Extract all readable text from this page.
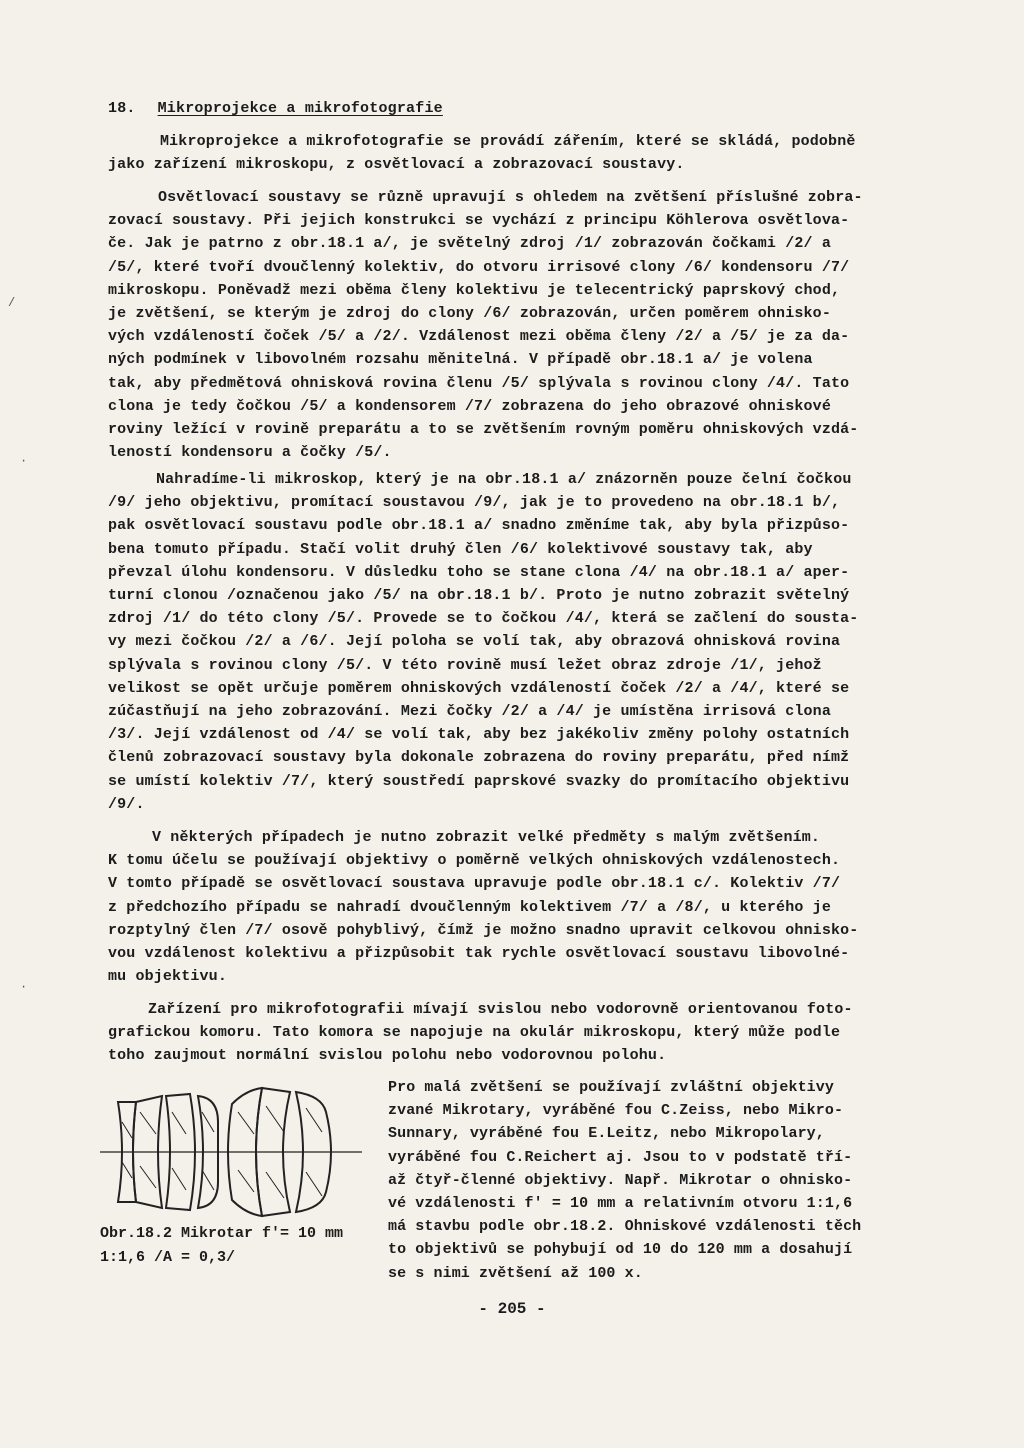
18. Mikroprojekce a mikrofotografie

Mikroprojekce a mikrofotografie se provádí zářením, které se skládá, podobně
jako zařízení mikroskopu, z osvětlovací a zobrazovací soustavy.

Osvětlovací soustavy se různě upravují s ohledem na zvětšení příslušné zobra-
zovací soustavy. Při jejich konstrukci se vychází z principu Köhlerova osvětlova-
če. Jak je patrno z obr.18.1 a/, je světelný zdroj /1/ zobrazován čočkami /2/ a
/5/, které tvoří dvoučlenný kolektiv, do otvoru irrisové clony /6/ kondensoru /7/
mikroskopu. Poněvadž mezi oběma členy kolektivu je telecentrický paprskový chod,
je zvětšení, se kterým je zdroj do clony /6/ zobrazován, určen poměrem ohnisko-
vých vzdáleností čoček /5/ a /2/. Vzdálenost mezi oběma členy /2/ a /5/ je za da-
ných podmínek v libovolném rozsahu měnitelná. V případě obr.18.1 a/ je volena
tak, aby předmětová ohnisková rovina členu /5/ splývala s rovinou clony /4/. Tato
clona je tedy čočkou /5/ a kondensorem /7/ zobrazena do jeho obrazové ohniskové
roviny ležící v rovině preparátu a to se zvětšením rovným poměru ohniskových vzdá-
leností kondensoru a čočky /5/.

Nahradíme-li mikroskop, který je na obr.18.1 a/ znázorněn pouze čelní čočkou
/9/ jeho objektivu, promítací soustavou /9/, jak je to provedeno na obr.18.1 b/,
pak osvětlovací soustavu podle obr.18.1 a/ snadno změníme tak, aby byla přizpůso-
bena tomuto případu. Stačí volit druhý člen /6/ kolektivové soustavy tak, aby
převzal úlohu kondensoru. V důsledku toho se stane clona /4/ na obr.18.1 a/ aper-
turní clonou /označenou jako /5/ na obr.18.1 b/. Proto je nutno zobrazit světelný
zdroj /1/ do této clony /5/. Provede se to čočkou /4/, která se začlení do sousta-
vy mezi čočkou /2/ a /6/. Její poloha se volí tak, aby obrazová ohnisková rovina
splývala s rovinou clony /5/. V této rovině musí ležet obraz zdroje /1/, jehož
velikost se opět určuje poměrem ohniskových vzdáleností čoček /2/ a /4/, které se
zúčastňují na jeho zobrazování. Mezi čočky /2/ a /4/ je umístěna irrisová clona
/3/. Její vzdálenost od /4/ se volí tak, aby bez jakékoliv změny polohy ostatních
členů zobrazovací soustavy byla dokonale zobrazena do roviny preparátu, před nímž
se umístí kolektiv /7/, který soustředí paprskové svazky do promítacího objektivu
/9/.

V některých případech je nutno zobrazit velké předměty s malým zvětšením.
K tomu účelu se používají objektivy o poměrně velkých ohniskových vzdálenostech.
V tomto případě se osvětlovací soustava upravuje podle obr.18.1 c/. Kolektiv /7/
z předchozího případu se nahradí dvoučlenným kolektivem /7/ a /8/, u kterého je
rozptylný člen /7/ osově pohyblivý, čímž je možno snadno upravit celkovou ohnisko-
vou vzdálenost kolektivu a přizpůsobit tak rychle osvětlovací soustavu libovolné-
mu objektivu.

Zařízení pro mikrofotografii mívají svislou nebo vodorovně orientovanou foto-
grafickou komoru. Tato komora se napojuje na okulár mikroskopu, který může podle
toho zaujmout normální svislou polohu nebo vodorovnou polohu.

Obr.18.2 Mikrotar f'= 10 mm
1:1,6 /A = 0,3/

Pro malá zvětšení se používají zvláštní objektivy
zvané Mikrotary, vyráběné fou C.Zeiss, nebo Mikro-
Sunnary, vyráběné fou E.Leitz, nebo Mikropolary,
vyráběné fou C.Reichert aj. Jsou to v podstatě tří-
až čtyř-členné objektivy. Např. Mikrotar o ohnisko-
vé vzdálenosti f' = 10 mm a relativním otvoru 1:1,6
má stavbu podle obr.18.2. Ohniskové vzdálenosti těch
to objektivů se pohybují od 10 do 120 mm a dosahují
se s nimi zvětšení až 100 x.

- 205 -
/
·
·
